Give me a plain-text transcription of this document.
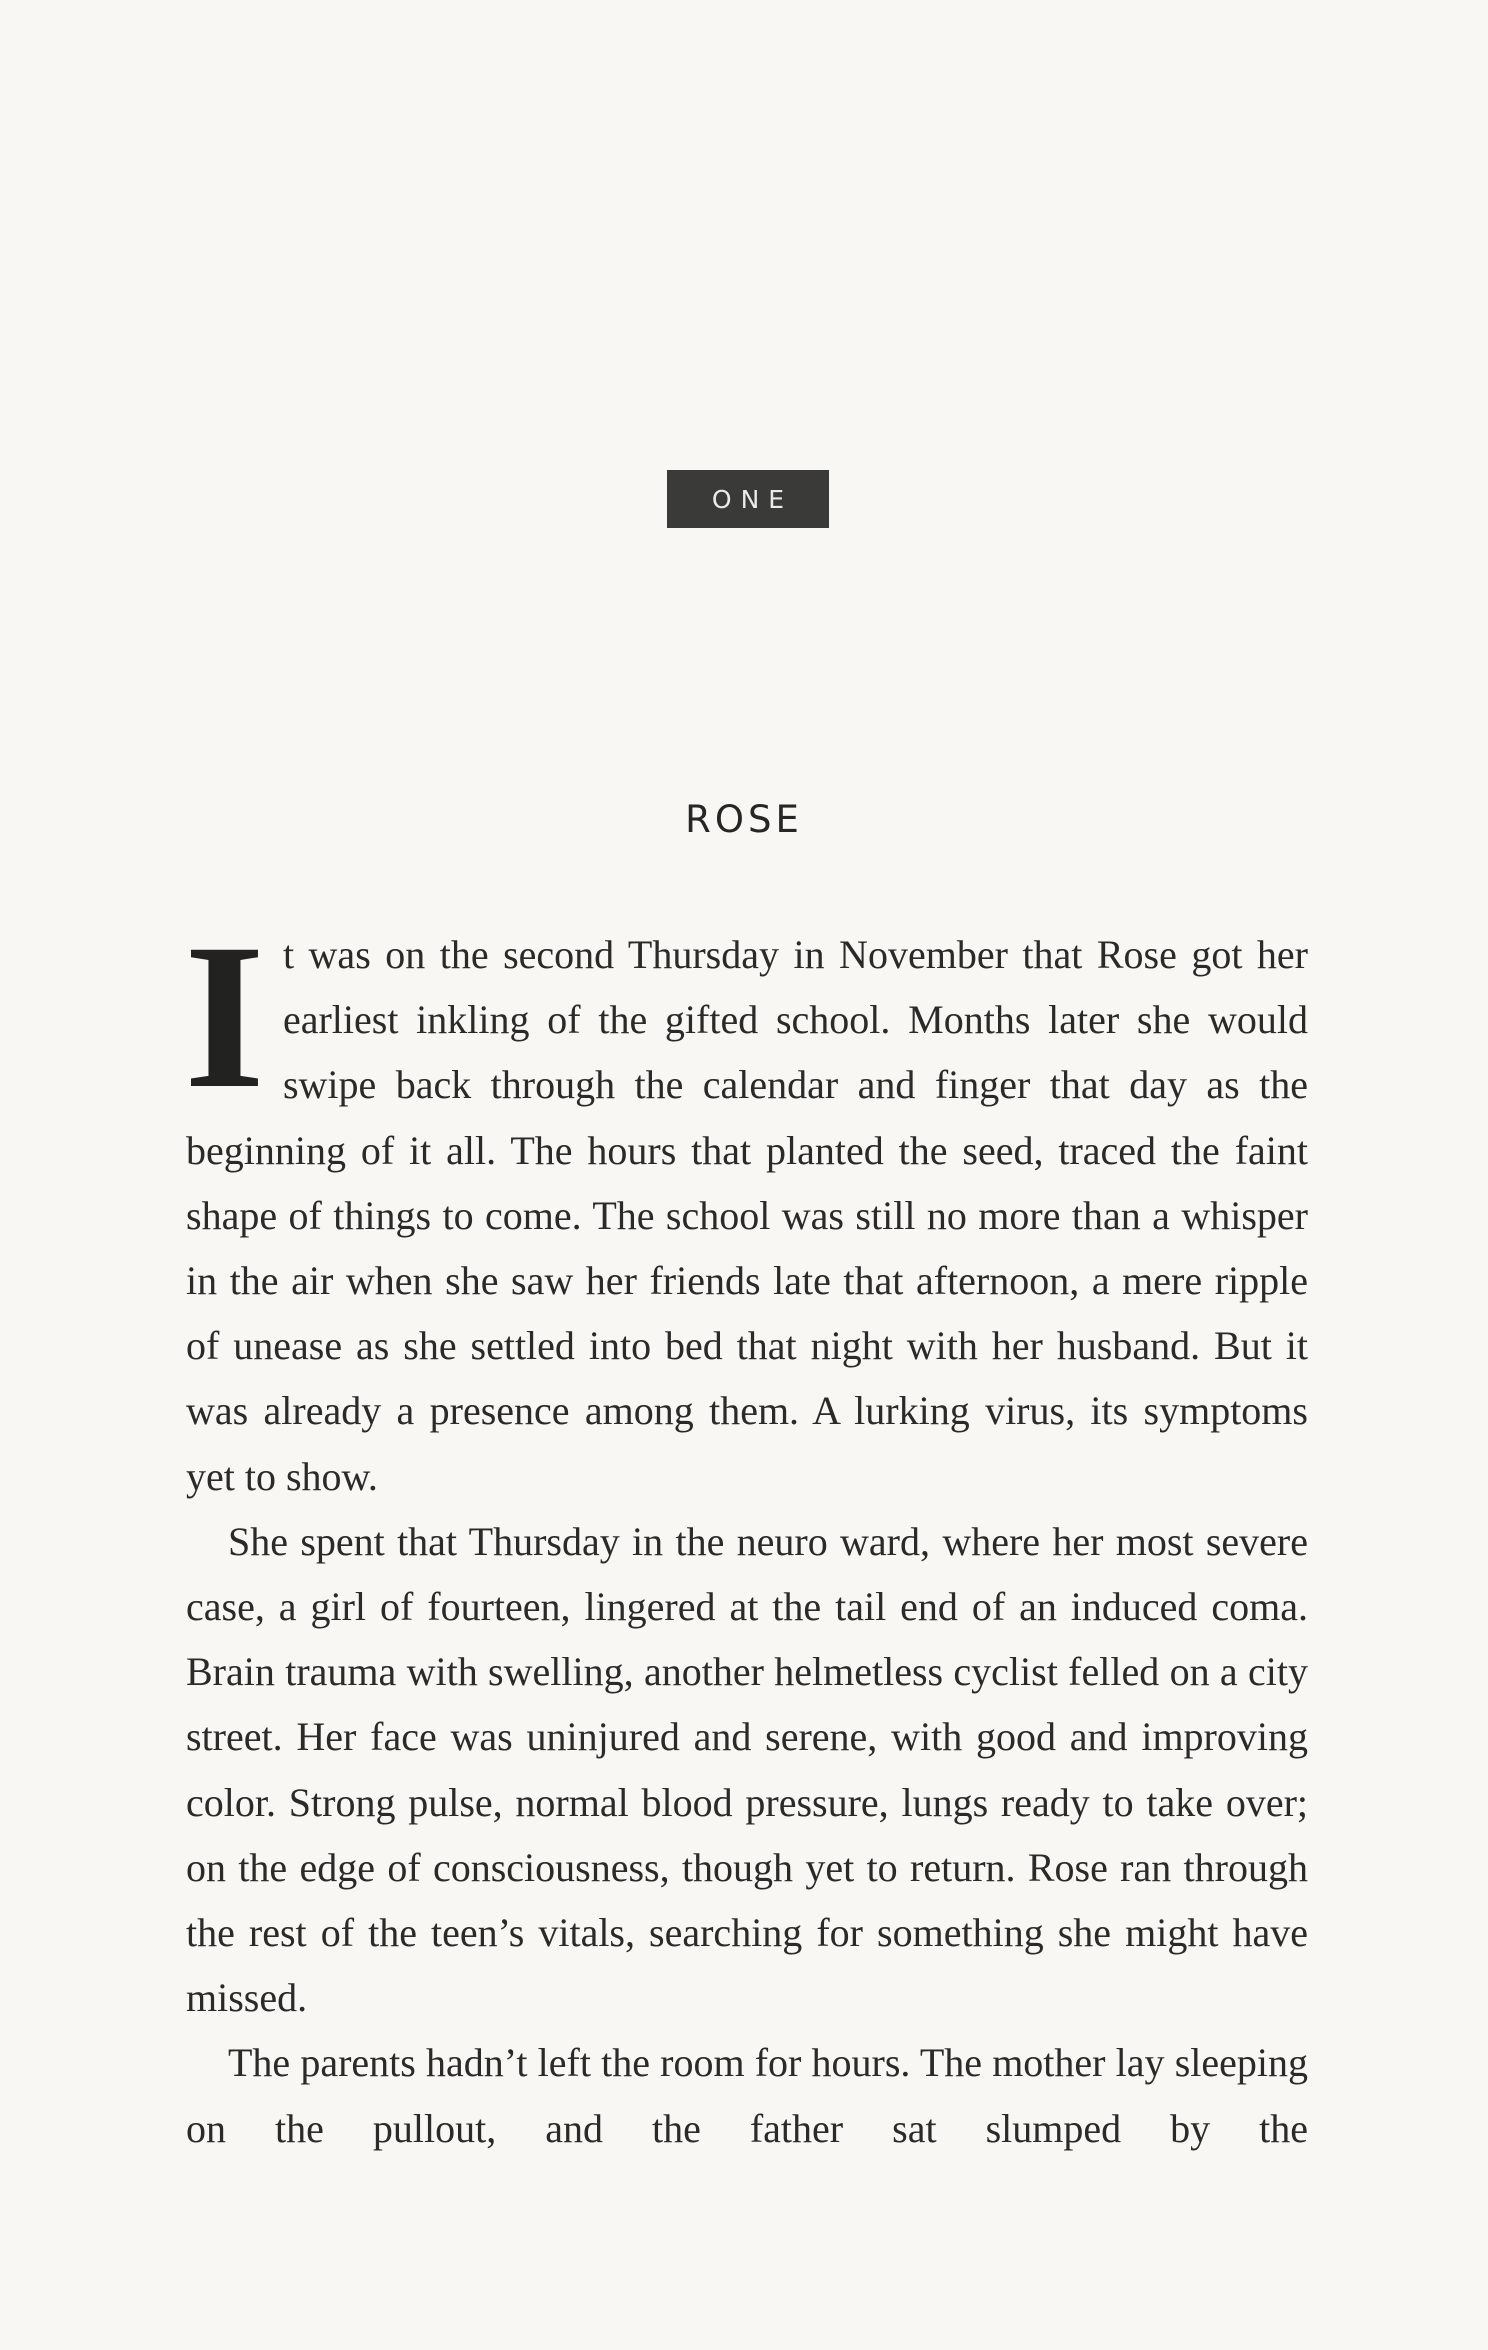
ONE
ROSE

It was on the second Thursday in November that Rose got her earliest inkling of the gifted school. Months later she would swipe back through the calendar and finger that day as the beginning of it all. The hours that planted the seed, traced the faint shape of things to come. The school was still no more than a whisper in the air when she saw her friends late that afternoon, a mere ripple of unease as she settled into bed that night with her husband. But it was already a presence among them. A lurking virus, its symptoms yet to show.

She spent that Thursday in the neuro ward, where her most severe case, a girl of fourteen, lingered at the tail end of an induced coma. Brain trauma with swelling, another helmetless cyclist felled on a city street. Her face was uninjured and serene, with good and improving color. Strong pulse, normal blood pressure, lungs ready to take over; on the edge of consciousness, though yet to return. Rose ran through the rest of the teen’s vitals, searching for something she might have missed.

The parents hadn’t left the room for hours. The mother lay sleeping on the pullout, and the father sat slumped by the
